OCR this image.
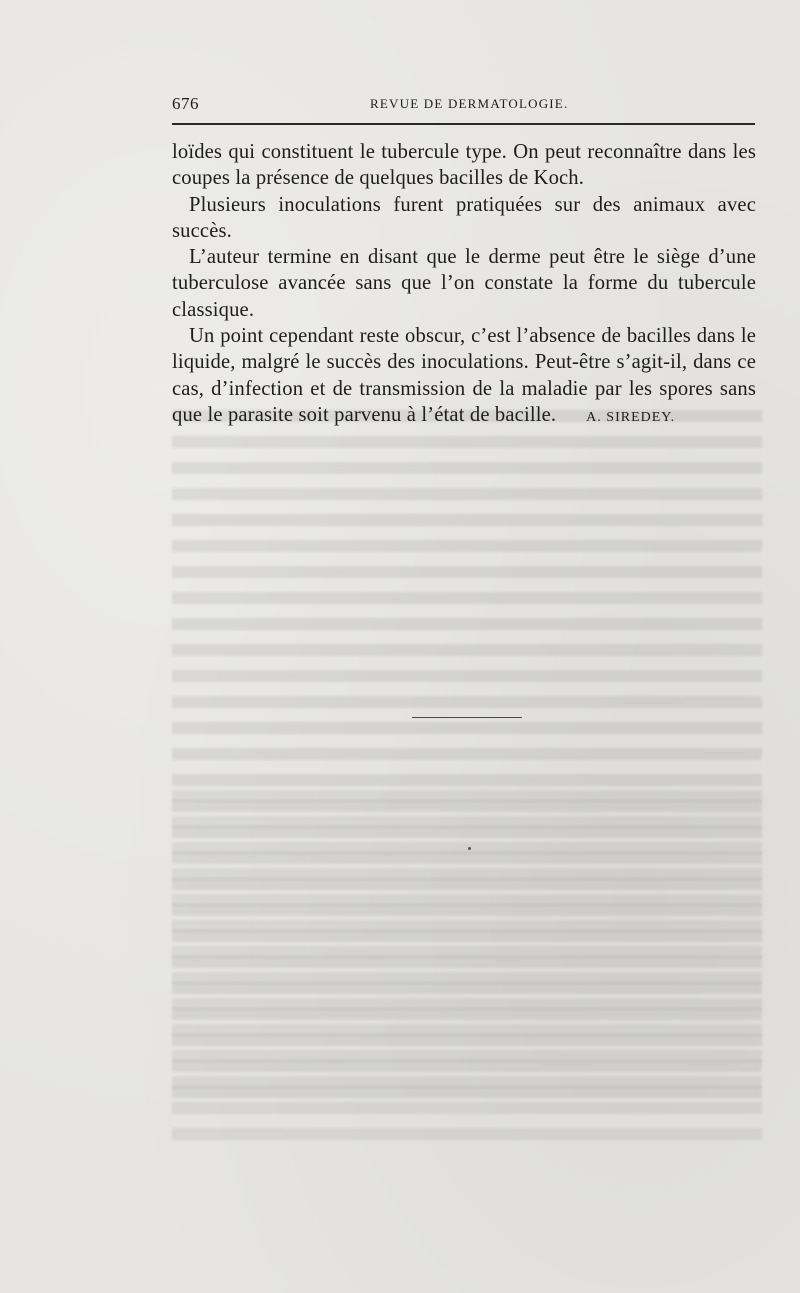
676	REVUE DE DERMATOLOGIE.

loïdes qui constituent le tubercule type. On peut reconnaître dans les coupes la présence de quelques bacilles de Koch.

Plusieurs inoculations furent pratiquées sur des animaux avec succès.

L’auteur termine en disant que le derme peut être le siège d’une tuberculose avancée sans que l’on constate la forme du tubercule classique.

Un point cependant reste obscur, c’est l’absence de bacilles dans le liquide, malgré le succès des inoculations. Peut-être s’agit-il, dans ce cas, d’infection et de transmission de la maladie par les spores sans que le parasite soit parvenu à l’état de bacille. A. SIREDEY.
